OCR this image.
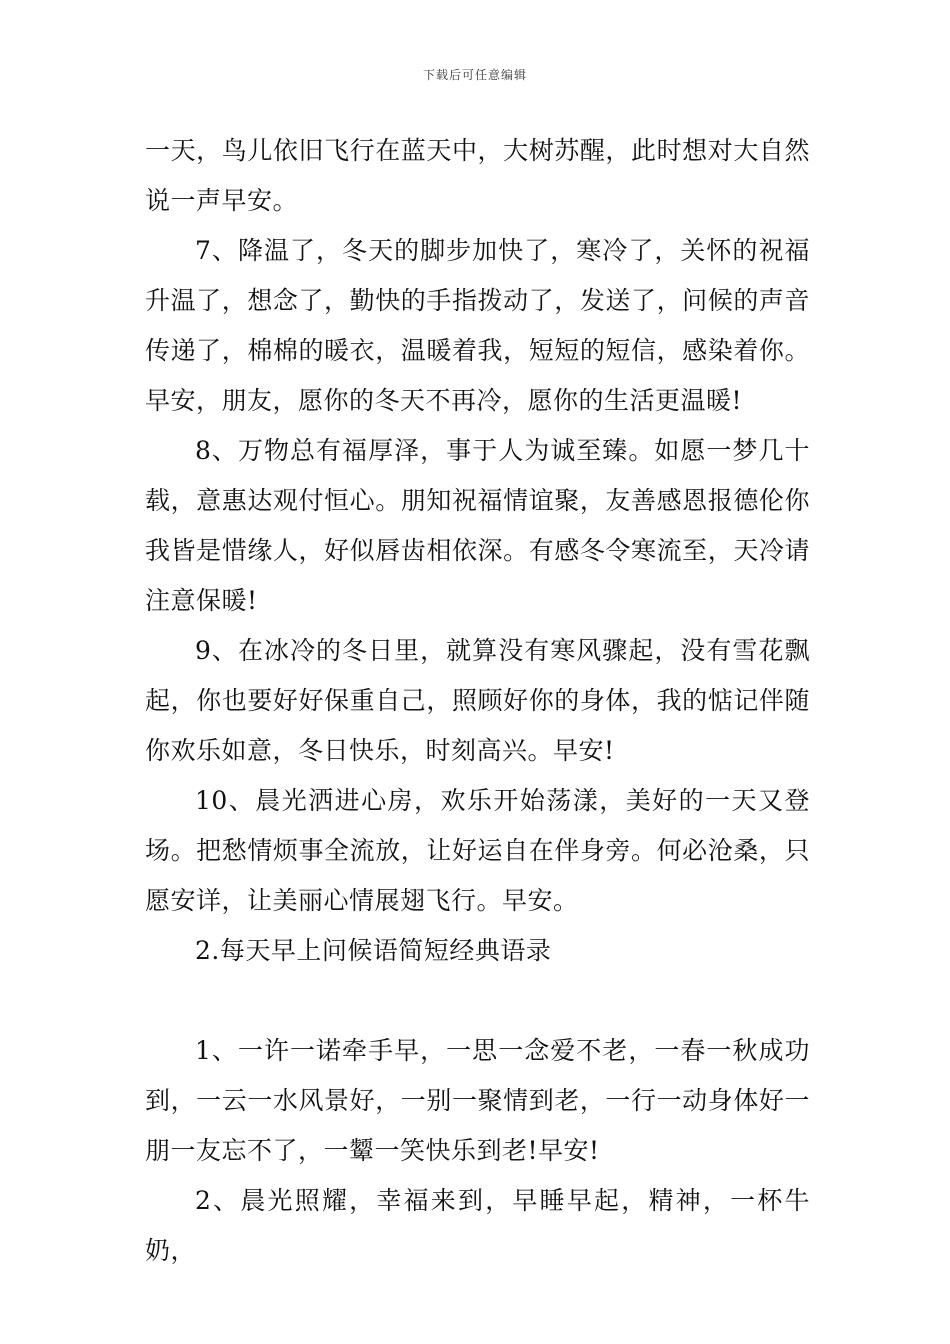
下载后可任意编辑

一天，鸟儿依旧飞行在蓝天中，大树苏醒，此时想对大自然说一声早安。

7、降温了，冬天的脚步加快了，寒冷了，关怀的祝福升温了，想念了，勤快的手指拨动了，发送了，问候的声音传递了，棉棉的暖衣，温暖着我，短短的短信，感染着你。早安，朋友，愿你的冬天不再冷，愿你的生活更温暖!

8、万物总有福厚泽，事于人为诚至臻。如愿一梦几十载，意惠达观付恒心。朋知祝福情谊聚，友善感恩报德伦你我皆是惜缘人，好似唇齿相依深。有感冬令寒流至，天冷请注意保暖!

9、在冰冷的冬日里，就算没有寒风骤起，没有雪花飘起，你也要好好保重自己，照顾好你的身体，我的惦记伴随你欢乐如意，冬日快乐，时刻高兴。早安!

10、晨光洒进心房，欢乐开始荡漾，美好的一天又登场。把愁情烦事全流放，让好运自在伴身旁。何必沧桑，只愿安详，让美丽心情展翅飞行。早安。

2.每天早上问候语简短经典语录

1、一许一诺牵手早，一思一念爱不老，一春一秋成功到，一云一水风景好，一别一聚情到老，一行一动身体好一朋一友忘不了，一颦一笑快乐到老!早安!

2、晨光照耀，幸福来到，早睡早起，精神，一杯牛奶，
